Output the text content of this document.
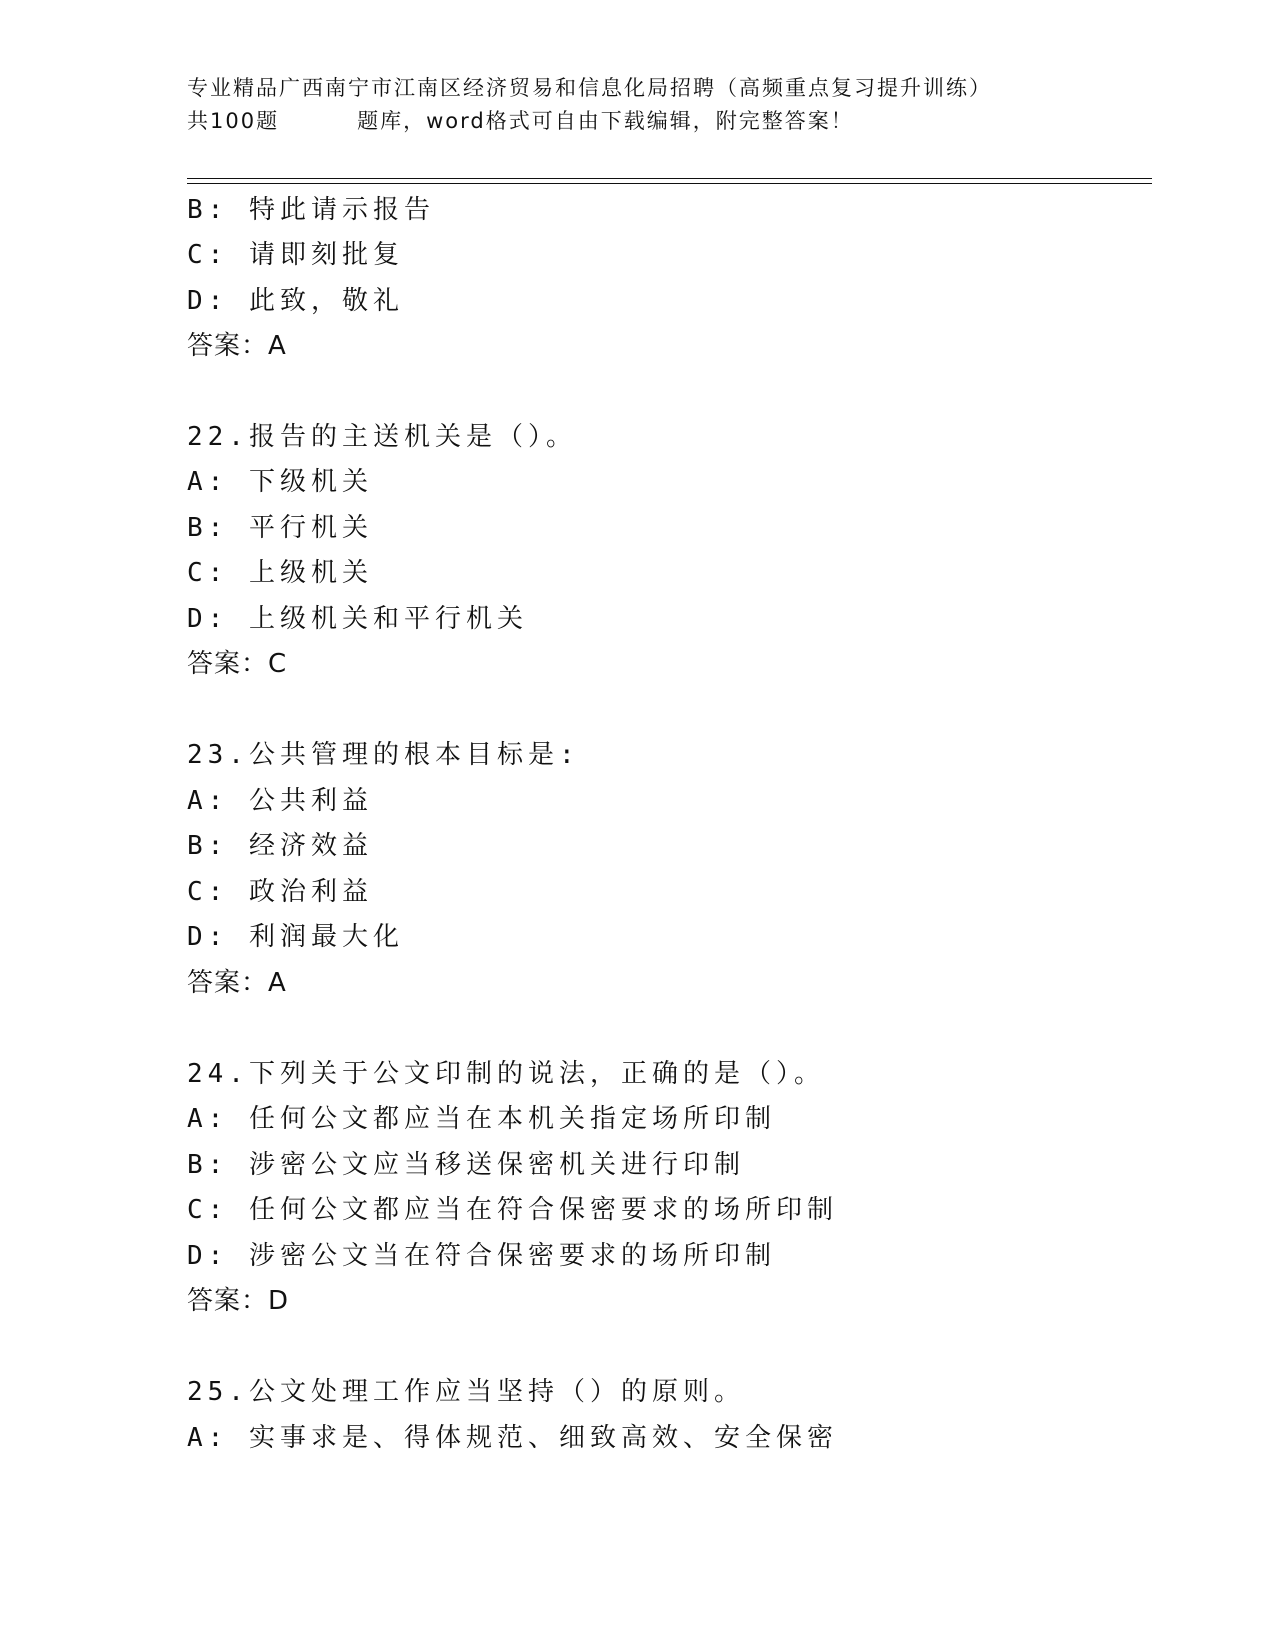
专业精品广西南宁市江南区经济贸易和信息化局招聘（高频重点复习提升训练）
共100题	题库，word格式可自由下载编辑，附完整答案！
B: 特此请示报告
C: 请即刻批复
D: 此致，敬礼
答案：A
22.报告的主送机关是（）。
A: 下级机关
B: 平行机关
C: 上级机关
D: 上级机关和平行机关
答案：C
23.公共管理的根本目标是:
A: 公共利益
B: 经济效益
C: 政治利益
D: 利润最大化
答案：A
24.下列关于公文印制的说法，正确的是（）。
A: 任何公文都应当在本机关指定场所印制
B: 涉密公文应当移送保密机关进行印制
C: 任何公文都应当在符合保密要求的场所印制
D: 涉密公文当在符合保密要求的场所印制
答案：D
25.公文处理工作应当坚持（）的原则。
A: 实事求是、得体规范、细致高效、安全保密
